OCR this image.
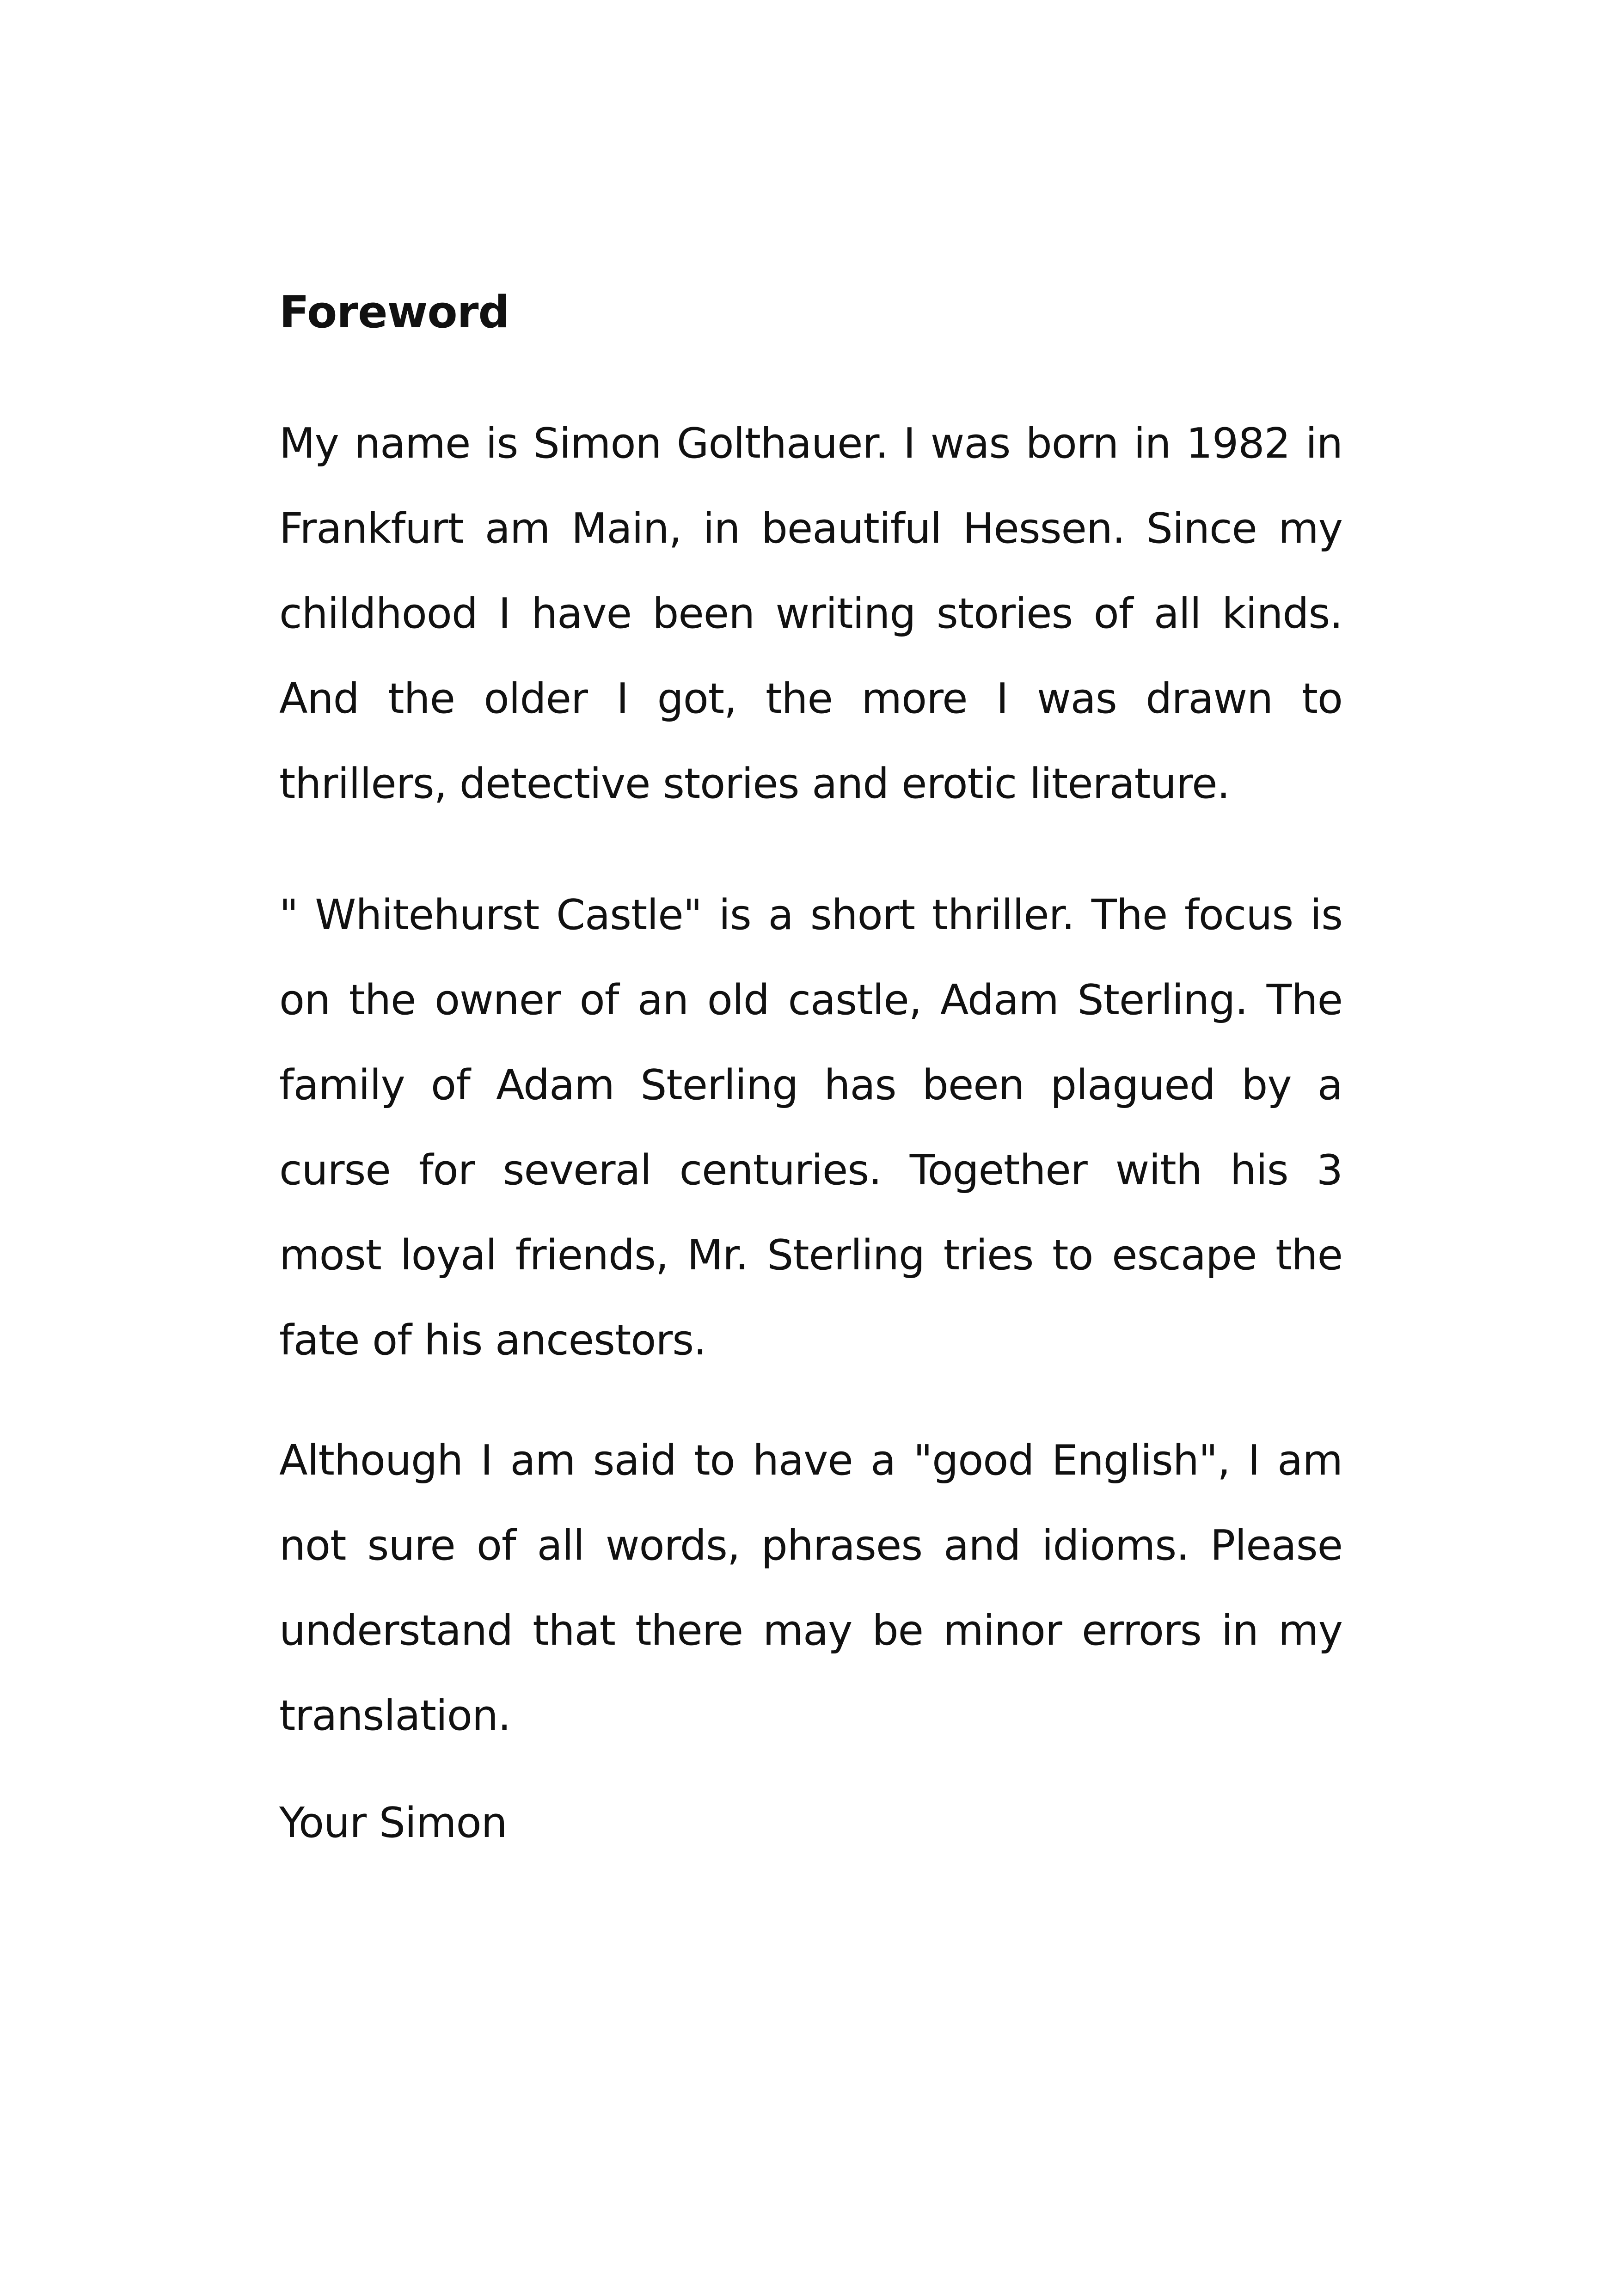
Foreword

My name is Simon Golthauer. I was born in 1982 in Frankfurt am Main, in beautiful Hessen. Since my childhood I have been writing stories of all kinds. And the older I got, the more I was drawn to thrillers, detective stories and erotic literature.

" Whitehurst Castle" is a short thriller. The focus is on the owner of an old castle, Adam Sterling. The family of Adam Sterling has been plagued by a curse for several centuries. Together with his 3 most loyal friends, Mr. Sterling tries to escape the fate of his ancestors.

Although I am said to have a "good English", I am not sure of all words, phrases and idioms. Please understand that there may be minor errors in my translation.

Your Simon
